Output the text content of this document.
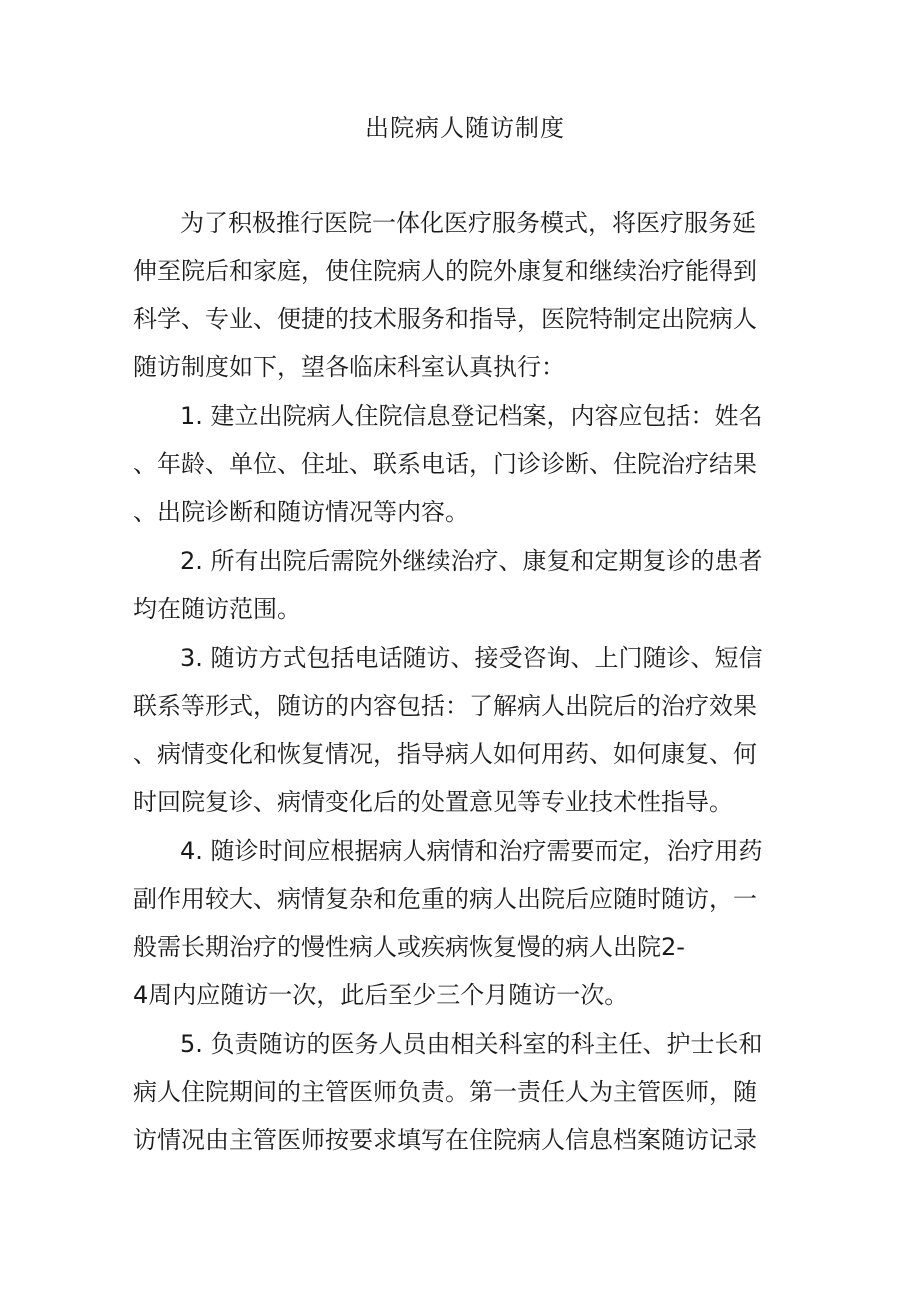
出院病人随访制度
为了积极推行医院一体化医疗服务模式，将医疗服务延
伸至院后和家庭，使住院病人的院外康复和继续治疗能得到
科学、专业、便捷的技术服务和指导，医院特制定出院病人
随访制度如下，望各临床科室认真执行：
1. 建立出院病人住院信息登记档案，内容应包括：姓名
、年龄、单位、住址、联系电话，门诊诊断、住院治疗结果
、出院诊断和随访情况等内容。
2. 所有出院后需院外继续治疗、康复和定期复诊的患者
均在随访范围。
3. 随访方式包括电话随访、接受咨询、上门随诊、短信
联系等形式，随访的内容包括：了解病人出院后的治疗效果
、病情变化和恢复情况，指导病人如何用药、如何康复、何
时回院复诊、病情变化后的处置意见等专业技术性指导。
4. 随诊时间应根据病人病情和治疗需要而定，治疗用药
副作用较大、病情复杂和危重的病人出院后应随时随访，一
般需长期治疗的慢性病人或疾病恢复慢的病人出院2-
4周内应随访一次，此后至少三个月随访一次。
5. 负责随访的医务人员由相关科室的科主任、护士长和
病人住院期间的主管医师负责。第一责任人为主管医师，随
访情况由主管医师按要求填写在住院病人信息档案随访记录
